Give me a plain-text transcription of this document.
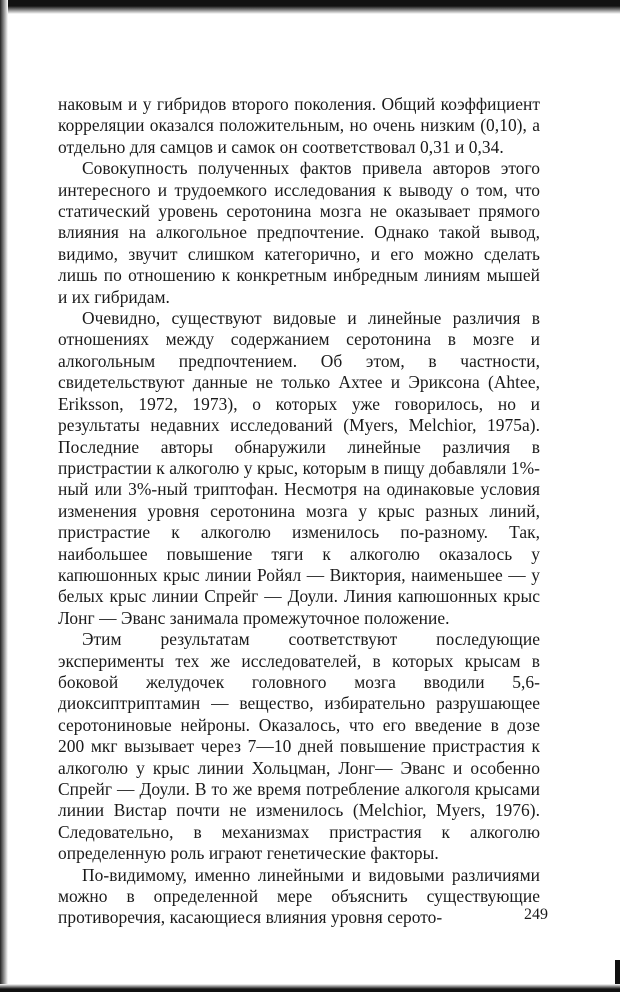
наковым и у гибридов второго поколения. Общий коэффициент корреляции оказался положительным, но очень низким (0,10), а отдельно для самцов и самок он соответствовал 0,31 и 0,34.

Совокупность полученных фактов привела авторов этого интересного и трудоемкого исследования к выводу о том, что статический уровень серотонина мозга не оказывает прямого влияния на алкогольное предпочтение. Однако такой вывод, видимо, звучит слишком категорично, и его можно сделать лишь по отношению к конкретным инбредным линиям мышей и их гибридам.

Очевидно, существуют видовые и линейные различия в отношениях между содержанием серотонина в мозге и алкогольным предпочтением. Об этом, в частности, свидетельствуют данные не только Ахтее и Эриксона (Ahtee, Eriksson, 1972, 1973), о которых уже говорилось, но и результаты недавних исследований (Myers, Melchior, 1975a). Последние авторы обнаружили линейные различия в пристрастии к алкоголю у крыс, которым в пищу добавляли 1%-ный или 3%-ный триптофан. Несмотря на одинаковые условия изменения уровня серотонина мозга у крыс разных линий, пристрастие к алкоголю изменилось по-разному. Так, наибольшее повышение тяги к алкоголю оказалось у капюшонных крыс линии Ройял — Виктория, наименьшее — у белых крыс линии Спрейг — Доули. Линия капюшонных крыс Лонг — Эванс занимала промежуточное положение.

Этим результатам соответствуют последующие эксперименты тех же исследователей, в которых крысам в боковой желудочек головного мозга вводили 5,6-диоксиптриптамин — вещество, избирательно разрушающее серотониновые нейроны. Оказалось, что его введение в дозе 200 мкг вызывает через 7—10 дней повышение пристрастия к алкоголю у крыс линии Хольцман, Лонг— Эванс и особенно Спрейг — Доули. В то же время потребление алкоголя крысами линии Вистар почти не изменилось (Melchior, Myers, 1976). Следовательно, в механизмах пристрастия к алкоголю определенную роль играют генетические факторы.

По-видимому, именно линейными и видовыми различиями можно в определенной мере объяснить существующие противоречия, касающиеся влияния уровня серото-	249
